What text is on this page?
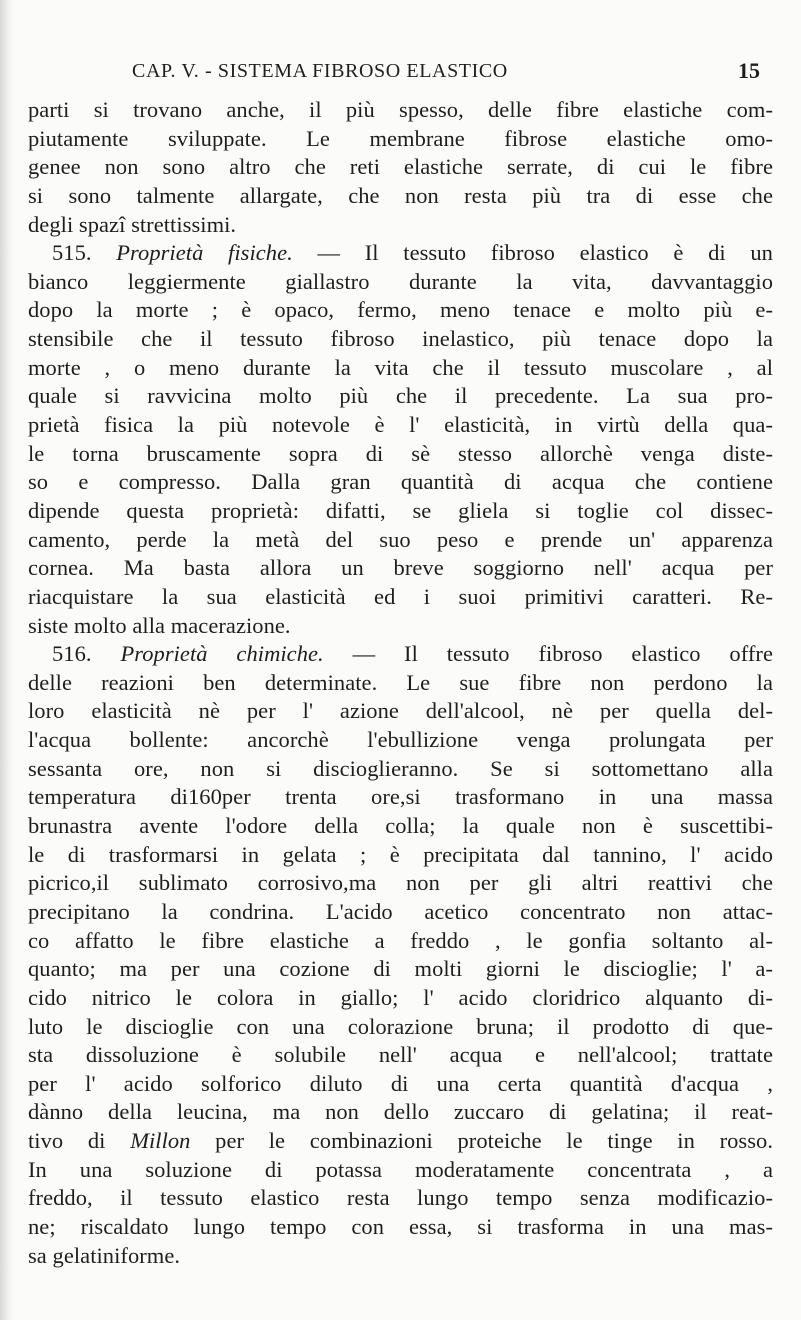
CAP. V. - SISTEMA FIBROSO ELASTICO	15
parti si trovano anche, il più spesso, delle fibre elastiche com-
piutamente sviluppate. Le membrane fibrose elastiche omo-
genee non sono altro che reti elastiche serrate, di cui le fibre
si sono talmente allargate, che non resta più tra di esse che
degli spazî strettissimi.
515. Proprietà fisiche. — Il tessuto fibroso elastico è di un
bianco leggiermente giallastro durante la vita, davvantaggio
dopo la morte ; è opaco, fermo, meno tenace e molto più e-
stensibile che il tessuto fibroso inelastico, più tenace dopo la
morte , o meno durante la vita che il tessuto muscolare , al
quale si ravvicina molto più che il precedente. La sua pro-
prietà fisica la più notevole è l' elasticità, in virtù della qua-
le torna bruscamente sopra di sè stesso allorchè venga diste-
so e compresso. Dalla gran quantità di acqua che contiene
dipende questa proprietà: difatti, se gliela si toglie col dissec-
camento, perde la metà del suo peso e prende un' apparenza
cornea. Ma basta allora un breve soggiorno nell' acqua per
riacquistare la sua elasticità ed i suoi primitivi caratteri. Re-
siste molto alla macerazione.
516. Proprietà chimiche. — Il tessuto fibroso elastico offre
delle reazioni ben determinate. Le sue fibre non perdono la
loro elasticità nè per l' azione dell'alcool, nè per quella del-
l'acqua bollente: ancorchè l'ebullizione venga prolungata per
sessanta ore, non si discioglieranno. Se si sottomettano alla
temperatura di160per trenta ore,si trasformano in una massa
brunastra avente l'odore della colla; la quale non è suscettibi-
le di trasformarsi in gelata ; è precipitata dal tannino, l' acido
picrico,il sublimato corrosivo,ma non per gli altri reattivi che
precipitano la condrina. L'acido acetico concentrato non attac-
co affatto le fibre elastiche a freddo , le gonfia soltanto al-
quanto; ma per una cozione di molti giorni le discioglie; l' a-
cido nitrico le colora in giallo; l' acido cloridrico alquanto di-
luto le discioglie con una colorazione bruna; il prodotto di que-
sta dissoluzione è solubile nell' acqua e nell'alcool; trattate
per l' acido solforico diluto di una certa quantità d'acqua ,
dànno della leucina, ma non dello zuccaro di gelatina; il reat-
tivo di Millon per le combinazioni proteiche le tinge in rosso.
In una soluzione di potassa moderatamente concentrata , a
freddo, il tessuto elastico resta lungo tempo senza modificazio-
ne; riscaldato lungo tempo con essa, si trasforma in una mas-
sa gelatiniforme.
